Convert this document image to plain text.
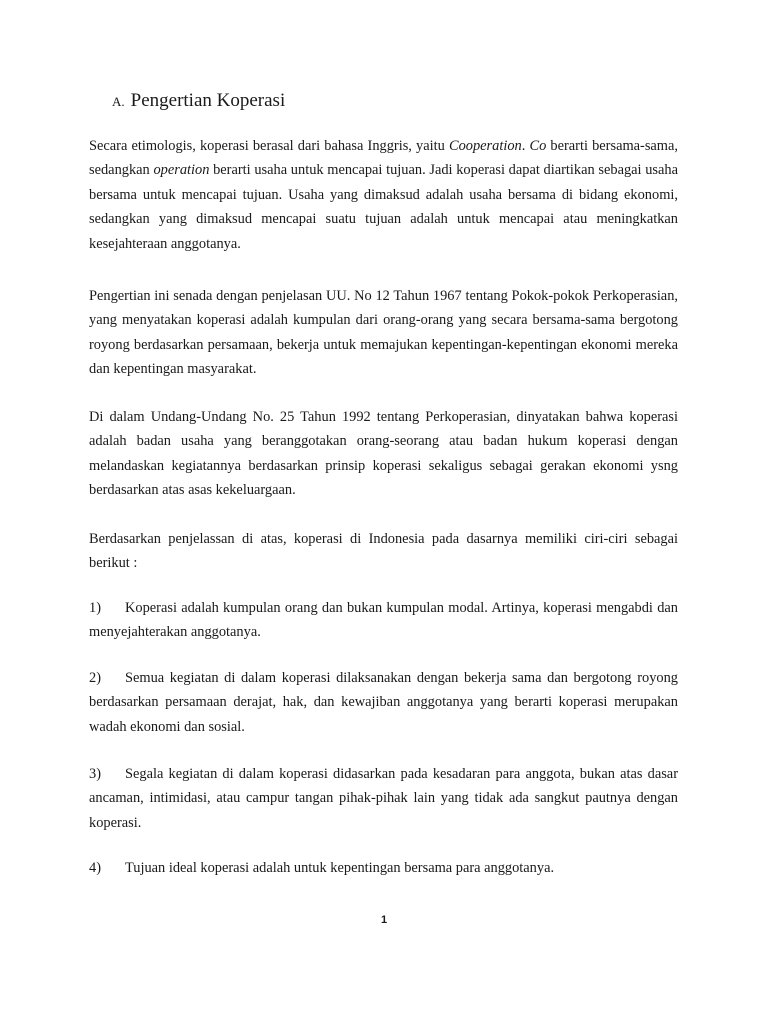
A. Pengertian Koperasi
Secara etimologis, koperasi berasal dari bahasa Inggris, yaitu Cooperation. Co berarti bersama-sama, sedangkan operation berarti usaha untuk mencapai tujuan. Jadi koperasi dapat diartikan sebagai usaha bersama untuk mencapai tujuan. Usaha yang dimaksud adalah usaha bersama di bidang ekonomi, sedangkan yang dimaksud mencapai suatu tujuan adalah untuk mencapai atau meningkatkan kesejahteraan anggotanya.
Pengertian ini senada dengan penjelasan UU. No 12 Tahun 1967 tentang Pokok-pokok Perkoperasian, yang menyatakan koperasi adalah kumpulan dari orang-orang yang secara bersama-sama bergotong royong berdasarkan persamaan, bekerja untuk memajukan kepentingan-kepentingan ekonomi mereka dan kepentingan masyarakat.
Di dalam Undang-Undang No. 25 Tahun 1992 tentang Perkoperasian, dinyatakan bahwa koperasi adalah badan usaha yang beranggotakan orang-seorang atau badan hukum koperasi dengan melandaskan kegiatannya berdasarkan prinsip koperasi sekaligus sebagai gerakan ekonomi ysng berdasarkan atas asas kekeluargaan.
Berdasarkan penjelassan di atas, koperasi di Indonesia pada dasarnya memiliki ciri-ciri sebagai berikut :
1) Koperasi adalah kumpulan orang dan bukan kumpulan modal. Artinya, koperasi mengabdi dan menyejahterakan anggotanya.
2) Semua kegiatan di dalam koperasi dilaksanakan dengan bekerja sama dan bergotong royong berdasarkan persamaan derajat, hak, dan kewajiban anggotanya yang berarti koperasi merupakan wadah ekonomi dan sosial.
3) Segala kegiatan di dalam koperasi didasarkan pada kesadaran para anggota, bukan atas dasar ancaman, intimidasi, atau campur tangan pihak-pihak lain yang tidak ada sangkut pautnya dengan koperasi.
4) Tujuan ideal koperasi adalah untuk kepentingan bersama para anggotanya.
1
